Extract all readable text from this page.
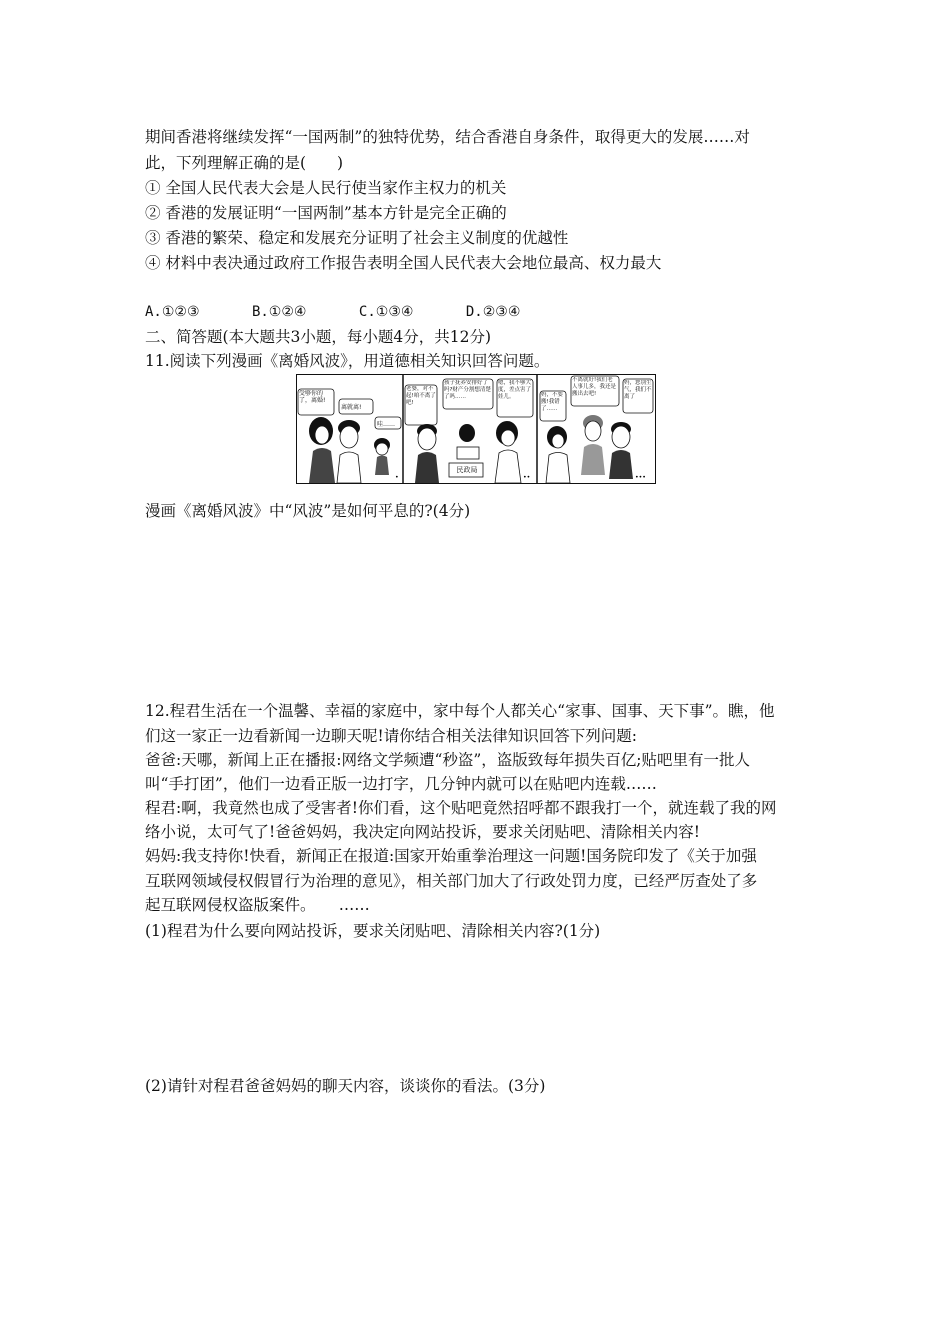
期间香港将继续发挥“一国两制”的独特优势，结合香港自身条件，取得更大的发展……对
此，下列理解正确的是(　　)
① 全国人民代表大会是人民行使当家作主权力的机关
② 香港的发展证明“一国两制”基本方针是完全正确的
③ 香港的繁荣、稳定和发展充分证明了社会主义制度的优越性
④ 材料中表决通过政府工作报告表明全国人民代表大会地位最高、权力最大
A.①②③	B.①②④	C.①③④	D.②③④
二、简答题(本大题共3小题，每小题4分，共12分)
11.阅读下列漫画《离婚风波》，用道德相关知识回答问题。
受够你的了，离婚!
离就离!
哇……
•
老婆，对不起!咱不离了吧!
孩子抚养安排好了吗?财产分割想清楚了吗……
嗯，我不够大度，差点害了娃儿。
民政局
••
妈，不要搬!我错了……
不离就好!我们老人事儿多，我还是搬出去吧!
妈，您别生气，我们不离了
•••
漫画《离婚风波》中“风波”是如何平息的?(4分)
12.程君生活在一个温馨、幸福的家庭中，家中每个人都关心“家事、国事、天下事”。瞧，他
们这一家正一边看新闻一边聊天呢!请你结合相关法律知识回答下列问题:
爸爸:天哪，新闻上正在播报:网络文学频遭“秒盗”，盗版致每年损失百亿;贴吧里有一批人
叫“手打团”，他们一边看正版一边打字，几分钟内就可以在贴吧内连载……
程君:啊，我竟然也成了受害者!你们看，这个贴吧竟然招呼都不跟我打一个，就连载了我的网
络小说，太可气了!爸爸妈妈，我决定向网站投诉，要求关闭贴吧、清除相关内容!
妈妈:我支持你!快看，新闻正在报道:国家开始重拳治理这一问题!国务院印发了《关于加强
互联网领域侵权假冒行为治理的意见》，相关部门加大了行政处罚力度，已经严厉查处了多
起互联网侵权盗版案件。　　……
(1)程君为什么要向网站投诉，要求关闭贴吧、清除相关内容?(1分)
(2)请针对程君爸爸妈妈的聊天内容，谈谈你的看法。(3分)
